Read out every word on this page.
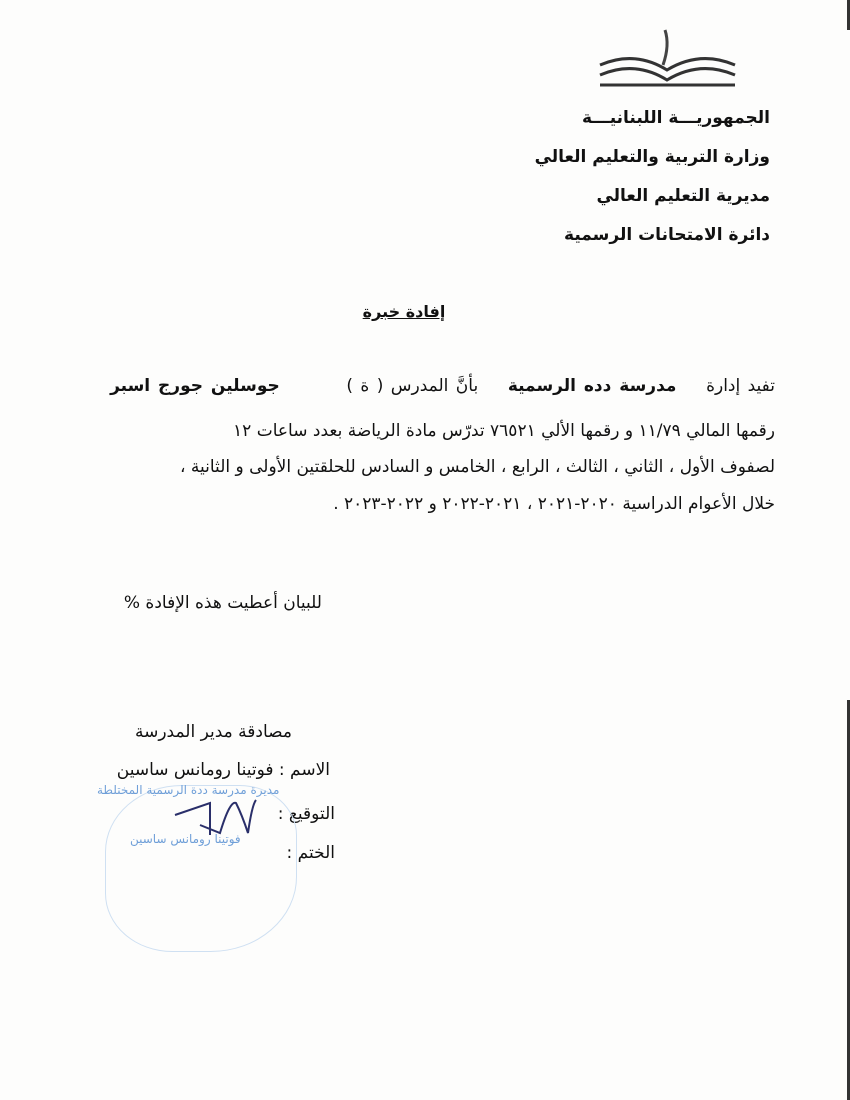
الجمهوريـــة اللبنانيـــة
وزارة التربية والتعليم العالي
مديرية التعليم العالي
دائرة الامتحانات الرسمية
إفادة خبرة
تفيد إدارة    مدرسة دده الرسمية    بأنَّ المدرس ( ة )         جوسلين جورج اسبر
رقمها المالي ١١/٧٩ و رقمها الألي ٧٦٥٢١ تدرّس مادة الرياضة بعدد ساعات ١٢
لصفوف الأول ، الثاني ، الثالث ، الرابع ، الخامس و السادس للحلقتين الأولى و الثانية ،
خلال الأعوام الدراسية ٢٠٢٠-٢٠٢١ ، ٢٠٢١-٢٠٢٢ و ٢٠٢٢-٢٠٢٣ .
للبيان أعطيت هذه الإفادة %
مصادقة مدير المدرسة
الاسم : فوتينا رومانس ساسين
التوقيع :
الختم :
مديرة مدرسة ددة الرسمية المختلطة
فوتينا رومانس ساسين
